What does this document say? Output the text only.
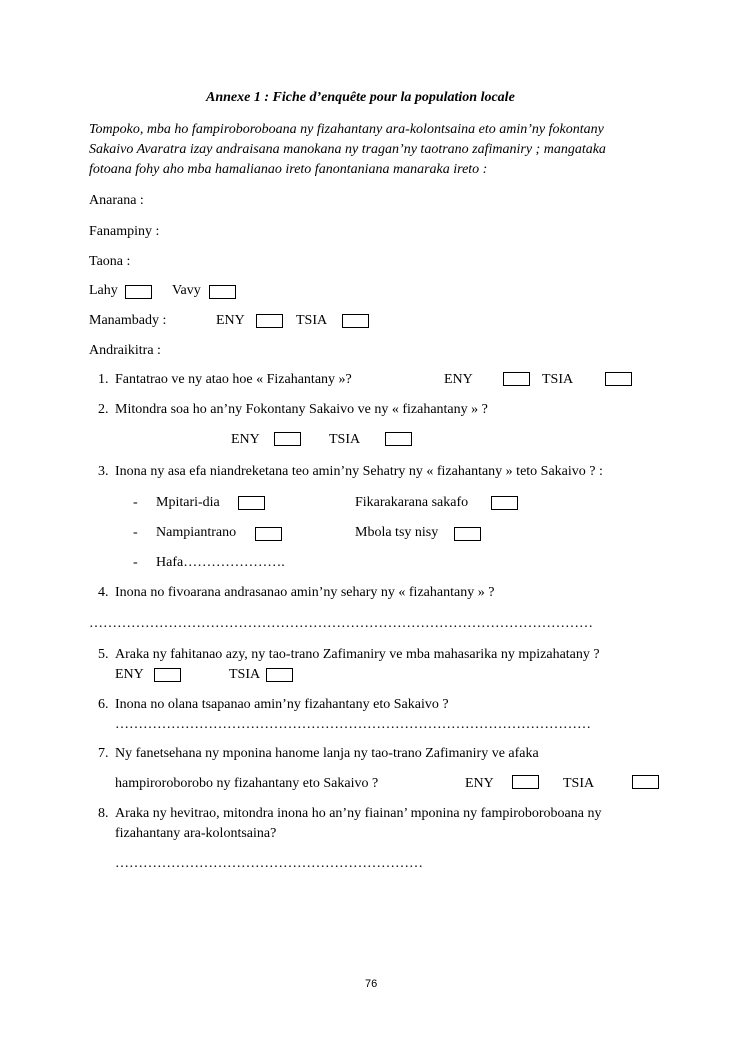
Annexe 1 : Fiche d’enquête pour la population locale
Tompoko, mba ho fampiroboroboana ny fizahantany ara-kolontsaina eto amin’ny fokontany
Sakaivo Avaratra izay andraisana manokana ny tragan’ny taotrano zafimaniry ; mangataka
fotoana fohy aho mba hamalianao ireto fanontaniana manaraka ireto :
Anarana :
Fanampiny :
Taona :
Lahy	Vavy
Manambady :	ENY	TSIA
Andraikitra :
1. Fantatrao ve ny atao hoe « Fizahantany »?	ENY	TSIA
2. Mitondra soa ho an’ny Fokontany Sakaivo ve ny « fizahantany » ?
ENY	TSIA
3. Inona ny asa efa niandreketana teo amin’ny Sehatry ny « fizahantany » teto Sakaivo ? :
- Mpitari-dia	Fikarakarana sakafo
- Nampiantrano	Mbola tsy nisy
- Hafa………………….
4. Inona no fivoarana andrasanao amin’ny sehary ny « fizahantany » ?
………………………………………………………………………………………………
5. Araka ny fahitanao azy, ny tao-trano Zafimaniry ve mba mahasarika ny mpizahatany ?
ENY	TSIA
6. Inona no olana tsapanao amin’ny fizahantany eto Sakaivo ?
…………………………………………………………………………………………
7. Ny fanetsehana ny mponina hanome lanja ny tao-trano Zafimaniry ve afaka
hampiroroborobo ny fizahantany eto Sakaivo ?	ENY	TSIA
8. Araka ny hevitrao, mitondra inona ho an’ny fiainan’ mponina ny fampiroboroboana ny
fizahantany ara-kolontsaina?
…………………………………………………………
76
